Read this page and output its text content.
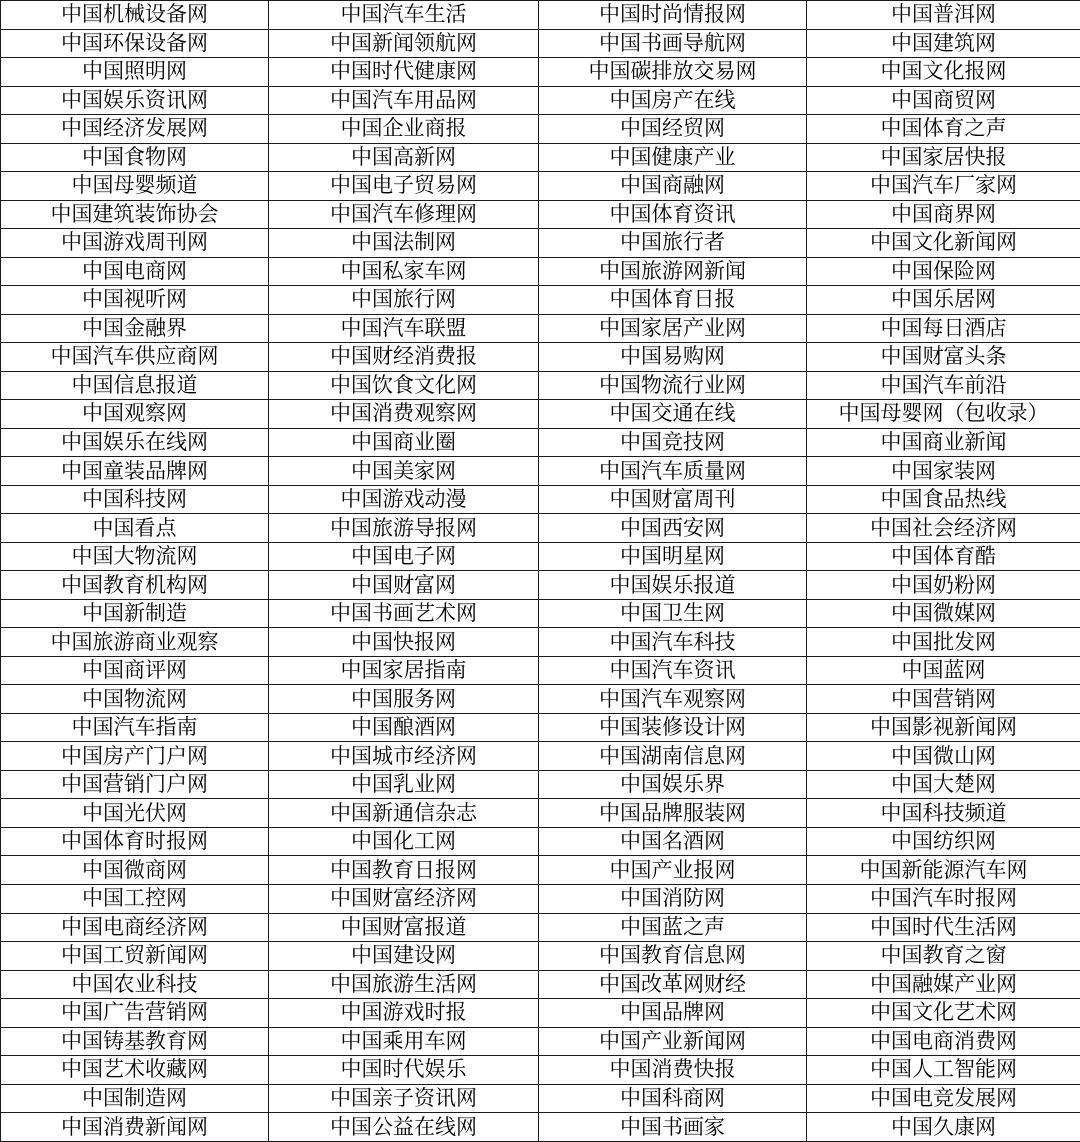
中国机械设备网	中国汽车生活	中国时尚情报网	中国普洱网
中国环保设备网	中国新闻领航网	中国书画导航网	中国建筑网
中国照明网	中国时代健康网	中国碳排放交易网	中国文化报网
中国娱乐资讯网	中国汽车用品网	中国房产在线	中国商贸网
中国经济发展网	中国企业商报	中国经贸网	中国体育之声
中国食物网	中国高新网	中国健康产业	中国家居快报
中国母婴频道	中国电子贸易网	中国商融网	中国汽车厂家网
中国建筑装饰协会	中国汽车修理网	中国体育资讯	中国商界网
中国游戏周刊网	中国法制网	中国旅行者	中国文化新闻网
中国电商网	中国私家车网	中国旅游网新闻	中国保险网
中国视听网	中国旅行网	中国体育日报	中国乐居网
中国金融界	中国汽车联盟	中国家居产业网	中国每日酒店
中国汽车供应商网	中国财经消费报	中国易购网	中国财富头条
中国信息报道	中国饮食文化网	中国物流行业网	中国汽车前沿
中国观察网	中国消费观察网	中国交通在线	中国母婴网（包收录）
中国娱乐在线网	中国商业圈	中国竞技网	中国商业新闻
中国童装品牌网	中国美家网	中国汽车质量网	中国家装网
中国科技网	中国游戏动漫	中国财富周刊	中国食品热线
中国看点	中国旅游导报网	中国西安网	中国社会经济网
中国大物流网	中国电子网	中国明星网	中国体育酷
中国教育机构网	中国财富网	中国娱乐报道	中国奶粉网
中国新制造	中国书画艺术网	中国卫生网	中国微媒网
中国旅游商业观察	中国快报网	中国汽车科技	中国批发网
中国商评网	中国家居指南	中国汽车资讯	中国蓝网
中国物流网	中国服务网	中国汽车观察网	中国营销网
中国汽车指南	中国酿酒网	中国装修设计网	中国影视新闻网
中国房产门户网	中国城市经济网	中国湖南信息网	中国微山网
中国营销门户网	中国乳业网	中国娱乐界	中国大楚网
中国光伏网	中国新通信杂志	中国品牌服装网	中国科技频道
中国体育时报网	中国化工网	中国名酒网	中国纺织网
中国微商网	中国教育日报网	中国产业报网	中国新能源汽车网
中国工控网	中国财富经济网	中国消防网	中国汽车时报网
中国电商经济网	中国财富报道	中国蓝之声	中国时代生活网
中国工贸新闻网	中国建设网	中国教育信息网	中国教育之窗
中国农业科技	中国旅游生活网	中国改革网财经	中国融媒产业网
中国广告营销网	中国游戏时报	中国品牌网	中国文化艺术网
中国铸基教育网	中国乘用车网	中国产业新闻网	中国电商消费网
中国艺术收藏网	中国时代娱乐	中国消费快报	中国人工智能网
中国制造网	中国亲子资讯网	中国科商网	中国电竞发展网
中国消费新闻网	中国公益在线网	中国书画家	中国久康网
